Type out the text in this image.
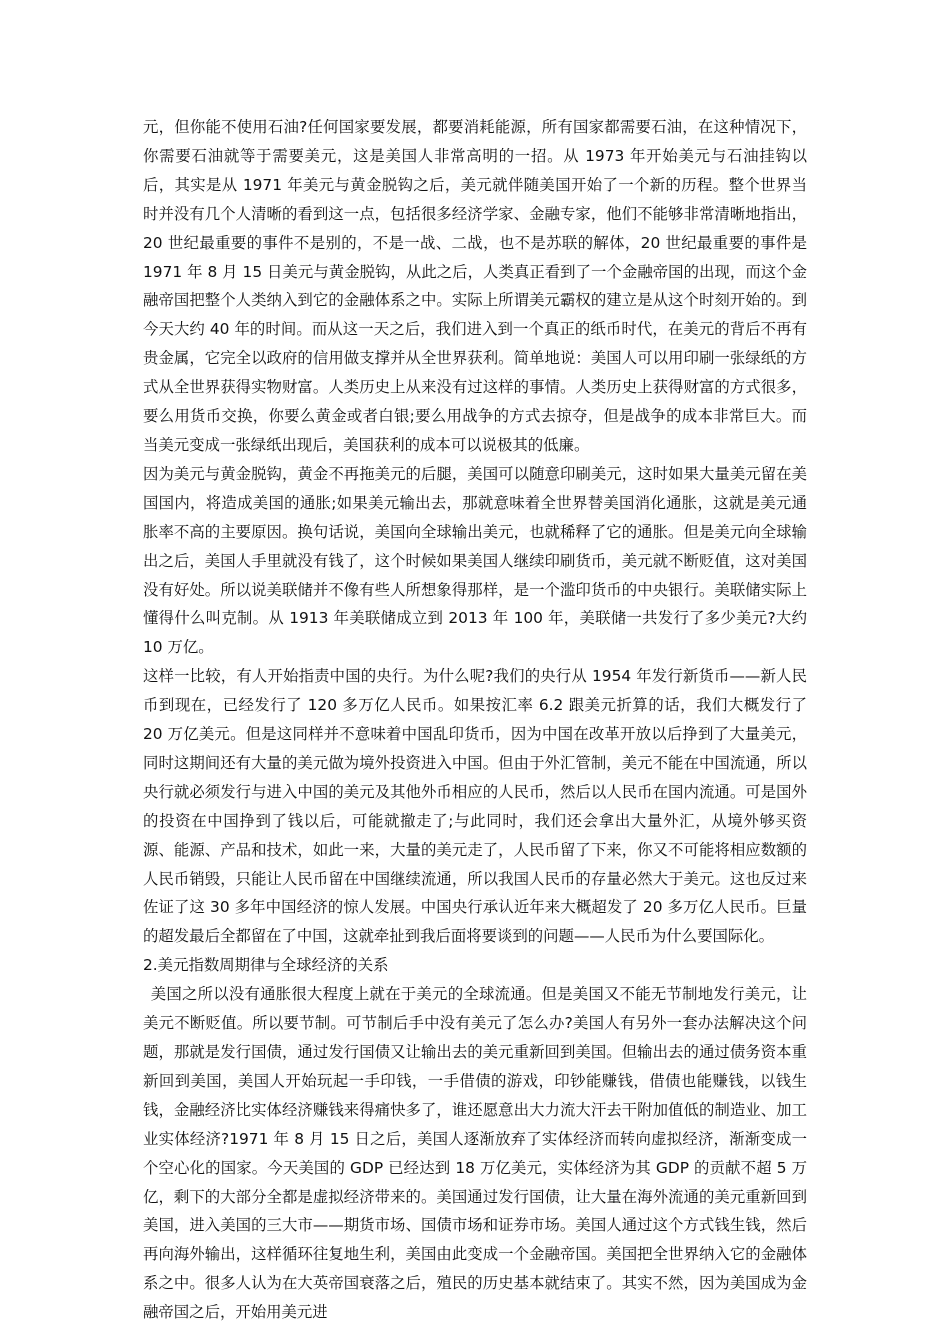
元，但你能不使用石油?任何国家要发展，都要消耗能源，所有国家都需要石油，在这种情况下，你需要石油就等于需要美元，这是美国人非常高明的一招。从 1973 年开始美元与石油挂钩以后，其实是从 1971 年美元与黄金脱钩之后，美元就伴随美国开始了一个新的历程。整个世界当时并没有几个人清晰的看到这一点，包括很多经济学家、金融专家，他们不能够非常清晰地指出，20 世纪最重要的事件不是别的，不是一战、二战，也不是苏联的解体，20 世纪最重要的事件是 1971 年 8 月 15 日美元与黄金脱钩，从此之后，人类真正看到了一个金融帝国的出现，而这个金融帝国把整个人类纳入到它的金融体系之中。实际上所谓美元霸权的建立是从这个时刻开始的。到今天大约 40 年的时间。而从这一天之后，我们进入到一个真正的纸币时代，在美元的背后不再有贵金属，它完全以政府的信用做支撑并从全世界获利。简单地说：美国人可以用印刷一张绿纸的方式从全世界获得实物财富。人类历史上从来没有过这样的事情。人类历史上获得财富的方式很多，要么用货币交换，你要么黄金或者白银;要么用战争的方式去掠夺，但是战争的成本非常巨大。而当美元变成一张绿纸出现后，美国获利的成本可以说极其的低廉。

因为美元与黄金脱钩，黄金不再拖美元的后腿，美国可以随意印刷美元，这时如果大量美元留在美国国内，将造成美国的通胀;如果美元输出去，那就意味着全世界替美国消化通胀，这就是美元通胀率不高的主要原因。换句话说，美国向全球输出美元，也就稀释了它的通胀。但是美元向全球输出之后，美国人手里就没有钱了，这个时候如果美国人继续印刷货币，美元就不断贬值，这对美国没有好处。所以说美联储并不像有些人所想象得那样，是一个滥印货币的中央银行。美联储实际上懂得什么叫克制。从 1913 年美联储成立到 2013 年 100 年，美联储一共发行了多少美元?大约 10 万亿。

这样一比较，有人开始指责中国的央行。为什么呢?我们的央行从 1954 年发行新货币——新人民币到现在，已经发行了 120 多万亿人民币。如果按汇率 6.2 跟美元折算的话，我们大概发行了 20 万亿美元。但是这同样并不意味着中国乱印货币，因为中国在改革开放以后挣到了大量美元，同时这期间还有大量的美元做为境外投资进入中国。但由于外汇管制，美元不能在中国流通，所以央行就必须发行与进入中国的美元及其他外币相应的人民币，然后以人民币在国内流通。可是国外的投资在中国挣到了钱以后，可能就撤走了;与此同时，我们还会拿出大量外汇，从境外够买资源、能源、产品和技术，如此一来，大量的美元走了，人民币留了下来，你又不可能将相应数额的人民币销毁，只能让人民币留在中国继续流通，所以我国人民币的存量必然大于美元。这也反过来佐证了这 30 多年中国经济的惊人发展。中国央行承认近年来大概超发了 20 多万亿人民币。巨量的超发最后全都留在了中国，这就牵扯到我后面将要谈到的问题——人民币为什么要国际化。

2.美元指数周期律与全球经济的关系

美国之所以没有通胀很大程度上就在于美元的全球流通。但是美国又不能无节制地发行美元，让美元不断贬值。所以要节制。可节制后手中没有美元了怎么办?美国人有另外一套办法解决这个问题，那就是发行国债，通过发行国债又让输出去的美元重新回到美国。但输出去的通过债务资本重新回到美国，美国人开始玩起一手印钱，一手借债的游戏，印钞能赚钱，借债也能赚钱，以钱生钱，金融经济比实体经济赚钱来得痛快多了，谁还愿意出大力流大汗去干附加值低的制造业、加工业实体经济?1971 年 8 月 15 日之后，美国人逐渐放弃了实体经济而转向虚拟经济，渐渐变成一个空心化的国家。今天美国的 GDP 已经达到 18 万亿美元，实体经济为其 GDP 的贡献不超 5 万亿，剩下的大部分全都是虚拟经济带来的。美国通过发行国债，让大量在海外流通的美元重新回到美国，进入美国的三大市——期货市场、国债市场和证券市场。美国人通过这个方式钱生钱，然后再向海外输出，这样循环往复地生利，美国由此变成一个金融帝国。美国把全世界纳入它的金融体系之中。很多人认为在大英帝国衰落之后，殖民的历史基本就结束了。其实不然，因为美国成为金融帝国之后，开始用美元进
